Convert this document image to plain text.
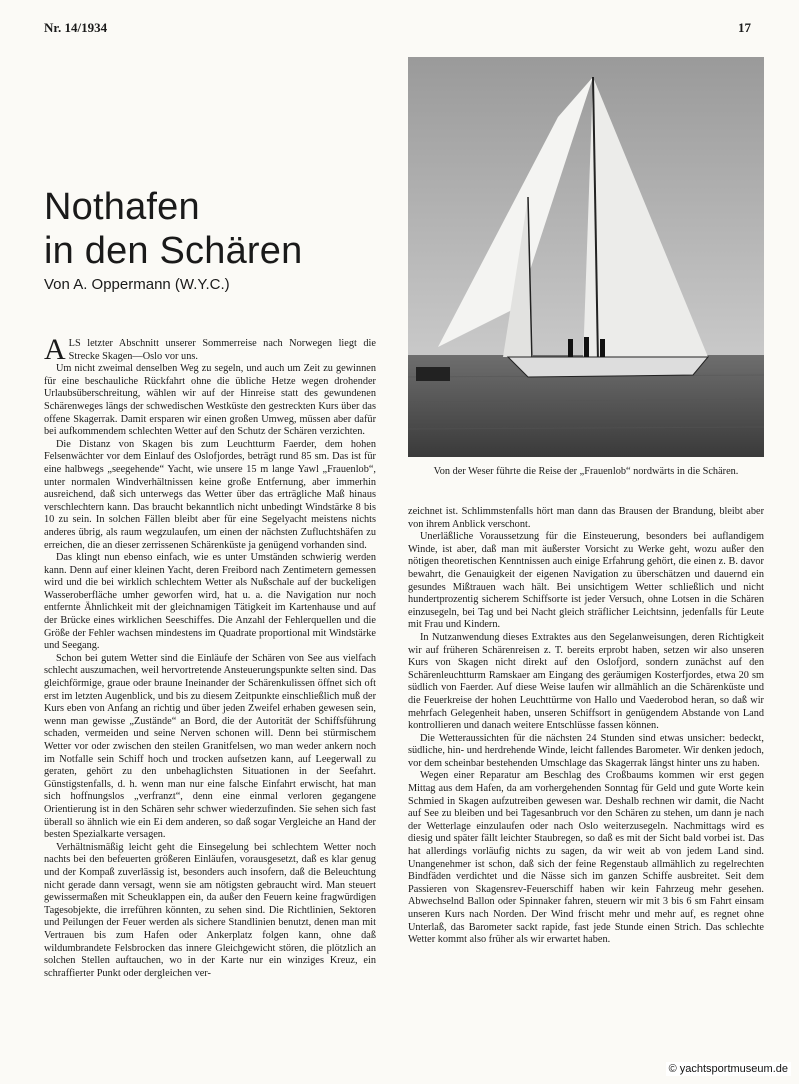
Nr. 14/1934	17
Nothafen
in den Schären
Von A. Oppermann (W.Y.C.)

ALS letzter Abschnitt unserer Sommerreise nach Norwegen liegt die Strecke Skagen—Oslo vor uns.

Um nicht zweimal denselben Weg zu segeln, und auch um Zeit zu gewinnen für eine beschauliche Rückfahrt ohne die übliche Hetze wegen drohender Urlaubsüberschreitung, wählen wir auf der Hinreise statt des gewundenen Schärenweges längs der schwedischen Westküste den gestreckten Kurs über das offene Skagerrak. Damit ersparen wir einen großen Umweg, müssen aber dafür bei aufkommendem schlechten Wetter auf den Schutz der Schären verzichten.

Die Distanz von Skagen bis zum Leuchtturm Faerder, dem hohen Felsenwächter vor dem Einlauf des Oslofjordes, beträgt rund 85 sm. Das ist für eine halbwegs „seegehende“ Yacht, wie unsere 15 m lange Yawl „Frauenlob“, unter normalen Windverhältnissen keine große Entfernung, aber immerhin ausreichend, daß sich unterwegs das Wetter über das erträgliche Maß hinaus verschlechtern kann. Das braucht bekanntlich nicht unbedingt Windstärke 8 bis 10 zu sein. In solchen Fällen bleibt aber für eine Segelyacht meistens nichts anderes übrig, als raum wegzulaufen, um einen der nächsten Zufluchtshäfen zu erreichen, die an dieser zerrissenen Schärenküste ja genügend vorhanden sind.

Das klingt nun ebenso einfach, wie es unter Umständen schwierig werden kann. Denn auf einer kleinen Yacht, deren Freibord nach Zentimetern gemessen wird und die bei wirklich schlechtem Wetter als Nußschale auf der buckeligen Wasseroberfläche umher geworfen wird, hat u. a. die Navigation nur noch entfernte Ähnlichkeit mit der gleichnamigen Tätigkeit im Kartenhause und auf der Brücke eines wirklichen Seeschiffes. Die Anzahl der Fehlerquellen und die Größe der Fehler wachsen mindestens im Quadrate proportional mit Windstärke und Seegang.

Schon bei gutem Wetter sind die Einläufe der Schären von See aus vielfach schlecht auszumachen, weil hervortretende Ansteuerungspunkte selten sind. Das gleichförmige, graue oder braune Ineinander der Schärenkulissen öffnet sich oft erst im letzten Augenblick, und bis zu diesem Zeitpunkte einschließlich muß der Kurs eben von Anfang an richtig und über jeden Zweifel erhaben gewesen sein, wenn man gewisse „Zustände“ an Bord, die der Autorität der Schiffsführung schaden, vermeiden und seine Nerven schonen will. Denn bei stürmischem Wetter vor oder zwischen den steilen Granitfelsen, wo man weder ankern noch im Notfalle sein Schiff hoch und trocken aufsetzen kann, auf Leegerwall zu geraten, gehört zu den unbehaglichsten Situationen in der Seefahrt. Günstigstenfalls, d. h. wenn man nur eine falsche Einfahrt erwischt, hat man sich hoffnungslos „verfranzt“, denn eine einmal verloren gegangene Orientierung ist in den Schären sehr schwer wiederzufinden. Sie sehen sich fast überall so ähnlich wie ein Ei dem anderen, so daß sogar Vergleiche an Hand der besten Spezialkarte versagen.

Verhältnismäßig leicht geht die Einsegelung bei schlechtem Wetter noch nachts bei den befeuerten größeren Einläufen, vorausgesetzt, daß es klar genug und der Kompaß zuverlässig ist, besonders auch insofern, daß die Beleuchtung nicht gerade dann versagt, wenn sie am nötigsten gebraucht wird. Man steuert gewissermaßen mit Scheuklappen ein, da außer den Feuern keine fragwürdigen Tagesobjekte, die irreführen könnten, zu sehen sind. Die Richtlinien, Sektoren und Peilungen der Feuer werden als sichere Standlinien benutzt, denen man mit Vertrauen bis zum Hafen oder Ankerplatz folgen kann, ohne daß wildumbrandete Felsbrocken das innere Gleichgewicht stören, die plötzlich an solchen Stellen auftauchen, wo in der Karte nur ein winziges Kreuz, ein schraffierter Punkt oder dergleichen ver-

Von der Weser führte die Reise der „Frauenlob“ nordwärts in die Schären.

zeichnet ist. Schlimmstenfalls hört man dann das Brausen der Brandung, bleibt aber von ihrem Anblick verschont.

Unerläßliche Voraussetzung für die Einsteuerung, besonders bei auflandigem Winde, ist aber, daß man mit äußerster Vorsicht zu Werke geht, wozu außer den nötigen theoretischen Kenntnissen auch einige Erfahrung gehört, die einen z. B. davor bewahrt, die Genauigkeit der eigenen Navigation zu überschätzen und dauernd ein gesundes Mißtrauen wach hält. Bei unsichtigem Wetter schließlich und nicht hundertprozentig sicherem Schiffsorte ist jeder Versuch, ohne Lotsen in die Schären einzusegeln, bei Tag und bei Nacht gleich sträflicher Leichtsinn, jedenfalls für Leute mit Frau und Kindern.

In Nutzanwendung dieses Extraktes aus den Segelanweisungen, deren Richtigkeit wir auf früheren Schärenreisen z. T. bereits erprobt haben, setzen wir also unseren Kurs von Skagen nicht direkt auf den Oslofjord, sondern zunächst auf den Schärenleuchtturm Ramskaer am Eingang des geräumigen Kosterfjordes, etwa 20 sm südlich von Faerder. Auf diese Weise laufen wir allmählich an die Schärenküste und die Feuerkreise der hohen Leuchttürme von Hallo und Vaederobod heran, so daß wir mehrfach Gelegenheit haben, unseren Schiffsort in genügendem Abstande von Land kontrollieren und danach weitere Entschlüsse fassen können.

Die Wetteraussichten für die nächsten 24 Stunden sind etwas unsicher: bedeckt, südliche, hin- und herdrehende Winde, leicht fallendes Barometer. Wir denken jedoch, vor dem scheinbar bestehenden Umschlage das Skagerrak längst hinter uns zu haben.

Wegen einer Reparatur am Beschlag des Croßbaums kommen wir erst gegen Mittag aus dem Hafen, da am vorhergehenden Sonntag für Geld und gute Worte kein Schmied in Skagen aufzutreiben gewesen war. Deshalb rechnen wir damit, die Nacht auf See zu bleiben und bei Tagesanbruch vor den Schären zu stehen, um dann je nach der Wetterlage einzulaufen oder nach Oslo weiterzusegeln. Nachmittags wird es diesig und später fällt leichter Staubregen, so daß es mit der Sicht bald vorbei ist. Das hat allerdings vorläufig nichts zu sagen, da wir weit ab von jedem Land sind. Unangenehmer ist schon, daß sich der feine Regenstaub allmählich zu regelrechten Bindfäden verdichtet und die Nässe sich im ganzen Schiffe ausbreitet. Seit dem Passieren von Skagensrev-Feuerschiff haben wir kein Fahrzeug mehr gesehen. Abwechselnd Ballon oder Spinnaker fahren, steuern wir mit 3 bis 6 sm Fahrt einsam unseren Kurs nach Norden. Der Wind frischt mehr und mehr auf, es regnet ohne Unterlaß, das Barometer sackt rapide, fast jede Stunde einen Strich. Das schlechte Wetter kommt also früher als wir erwartet haben.

© yachtsportmuseum.de
